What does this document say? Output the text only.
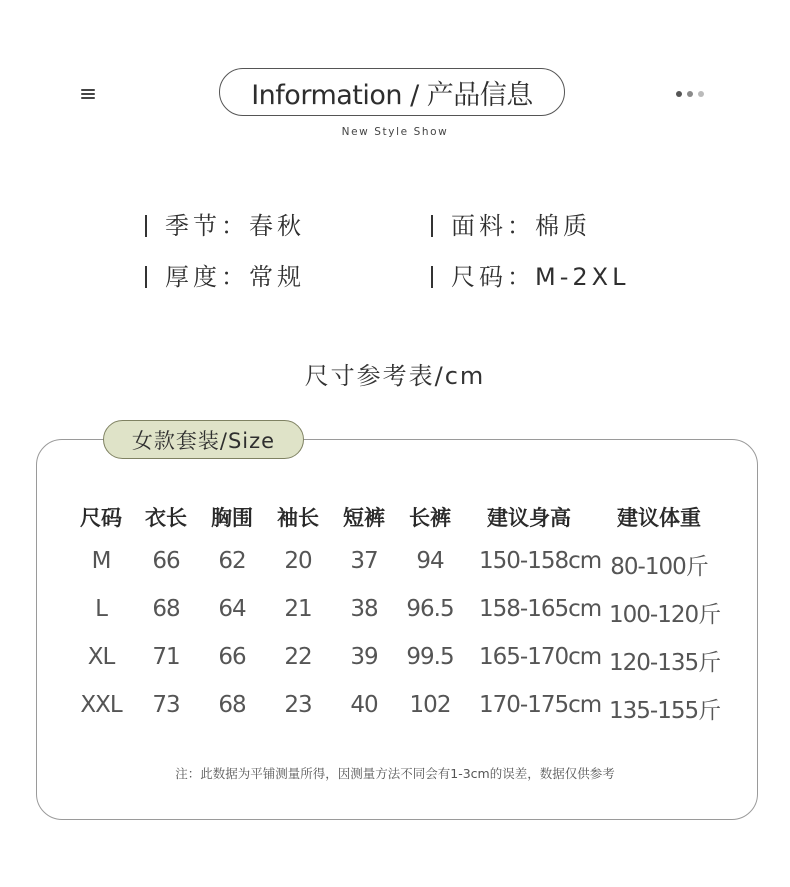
Information / 产品信息
New Style Show
季节：春秋	面料：棉质
厚度：常规	尺码：M-2XL
尺寸参考表/cm
女款套装/Size
尺码	衣长	胸围	袖长	短裤	长裤	建议身高	建议体重
M	66	62	20	37	94	150-158cm 80-100斤
L	68	64	21	38	96.5	158-165cm 100-120斤
XL	71	66	22	39	99.5	165-170cm 120-135斤
XXL	73	68	23	40	102	170-175cm 135-155斤
注：此数据为平铺测量所得，因测量方法不同会有1-3cm的误差，数据仅供参考
